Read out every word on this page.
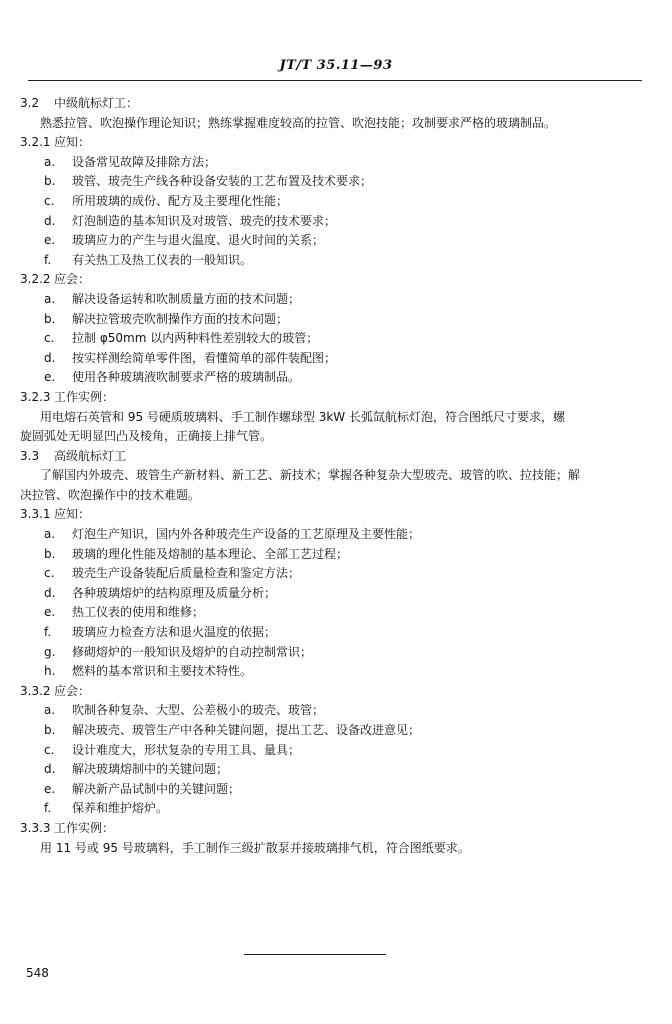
JT/T 35.11—93
3.2 中级航标灯工：
熟悉拉管、吹泡操作理论知识；熟练掌握难度较高的拉管、吹泡技能；攻制要求严格的玻璃制品。
3.2.1 应知：
a. 设备常见故障及排除方法；
b. 玻管、玻壳生产线各种设备安装的工艺布置及技术要求；
c. 所用玻璃的成份、配方及主要理化性能；
d. 灯泡制造的基本知识及对玻管、玻壳的技术要求；
e. 玻璃应力的产生与退火温度、退火时间的关系；
f. 有关热工及热工仪表的一般知识。
3.2.2 应会：
a. 解决设备运转和吹制质量方面的技术问题；
b. 解决拉管玻壳吹制操作方面的技术问题；
c. 拉制 φ50mm 以内两种料性差别较大的玻管；
d. 按实样测绘简单零件图，看懂简单的部件装配图；
e. 使用各种玻璃液吹制要求严格的玻璃制品。
3.2.3 工作实例：
用电熔石英管和 95 号硬质玻璃料、手工制作螺球型 3kW 长弧氙航标灯泡，符合图纸尺寸要求，螺
旋圆弧处无明显凹凸及棱角，正确接上排气管。
3.3 高级航标灯工
了解国内外玻壳、玻管生产新材料、新工艺、新技术；掌握各种复杂大型玻壳、玻管的吹、拉技能；解
决拉管、吹泡操作中的技术难题。
3.3.1 应知：
a. 灯泡生产知识，国内外各种玻壳生产设备的工艺原理及主要性能；
b. 玻璃的理化性能及熔制的基本理论、全部工艺过程；
c. 玻壳生产设备装配后质量检查和鉴定方法；
d. 各种玻璃熔炉的结构原理及质量分析；
e. 热工仪表的使用和维修；
f. 玻璃应力检查方法和退火温度的依据；
g. 修砌熔炉的一般知识及熔炉的自动控制常识；
h. 燃料的基本常识和主要技术特性。
3.3.2 应会：
a. 吹制各种复杂、大型、公差极小的玻壳、玻管；
b. 解决玻壳、玻管生产中各种关键问题，提出工艺、设备改进意见；
c. 设计难度大，形状复杂的专用工具、量具；
d. 解决玻璃熔制中的关键问题；
e. 解决新产品试制中的关键问题；
f. 保养和维护熔炉。
3.3.3 工作实例：
用 11 号或 95 号玻璃料，手工制作三级扩散泵并接玻璃排气机，符合图纸要求。
548
